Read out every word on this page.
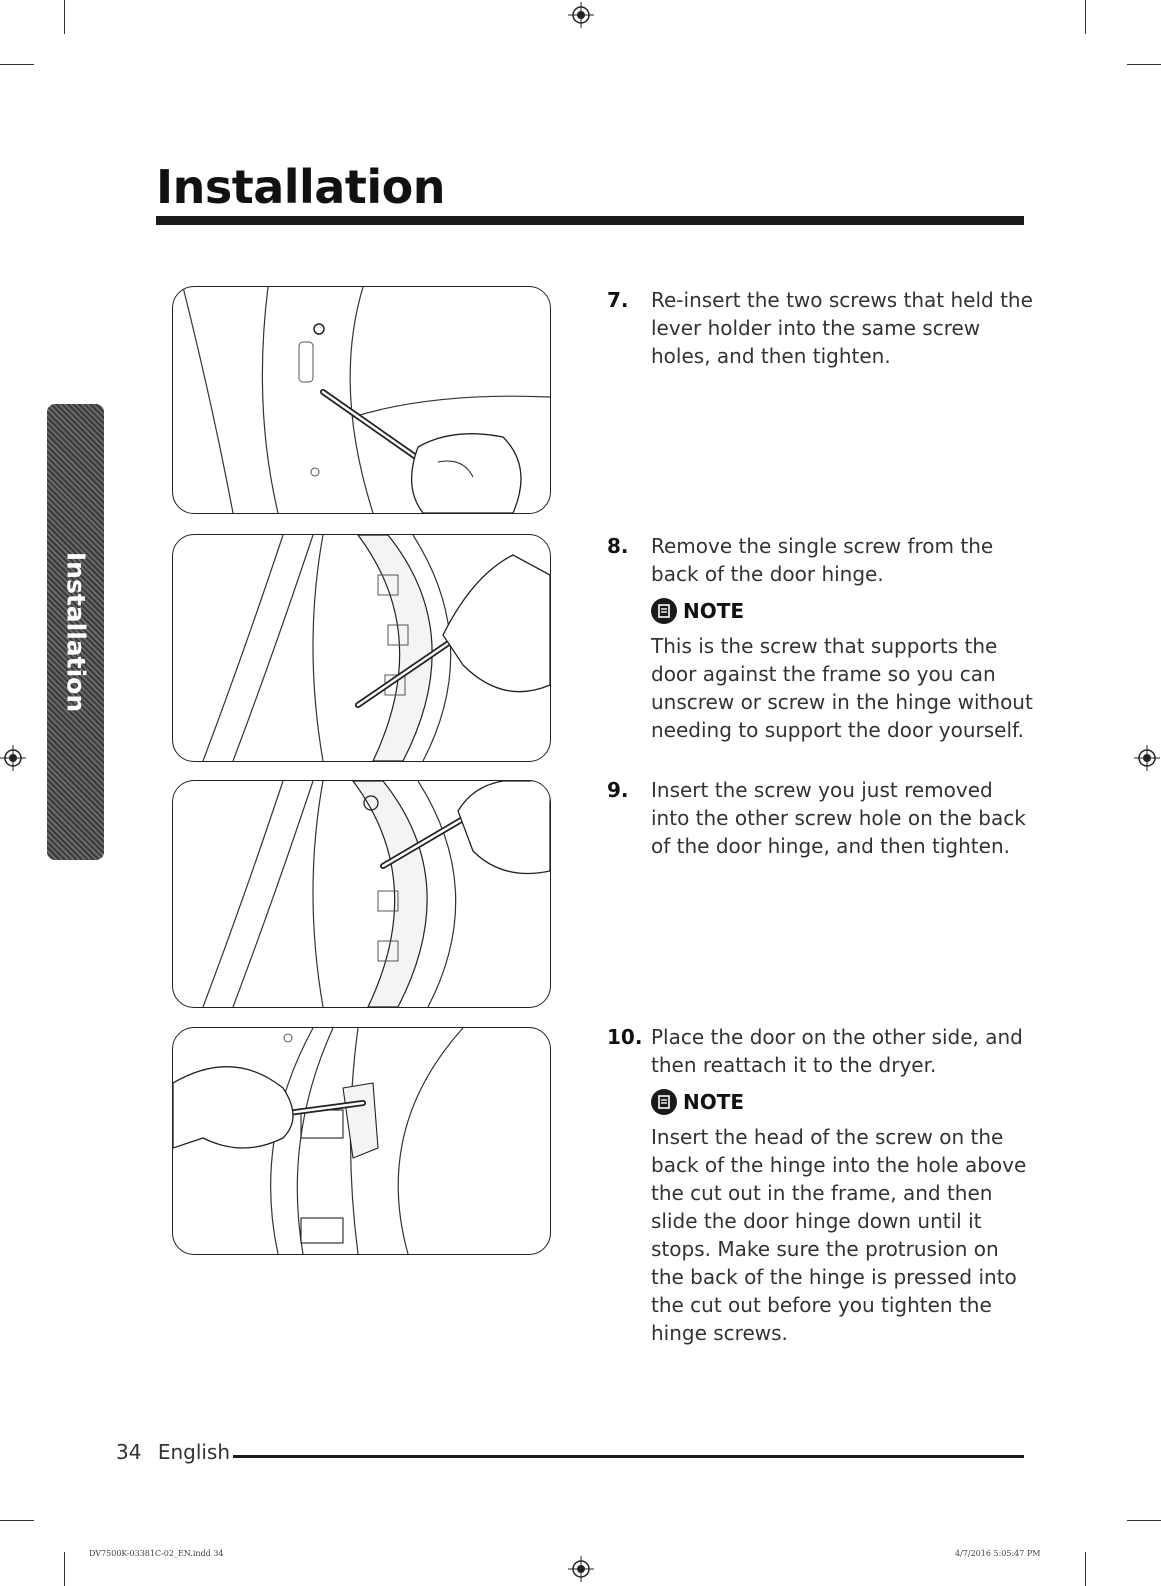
Installation
Installation
7.	Re-insert the two screws that held the lever holder into the same screw holes, and then tighten.
8.	Remove the single screw from the back of the door hinge.
NOTE
This is the screw that supports the door against the frame so you can unscrew or screw in the hinge without needing to support the door yourself.
9.	Insert the screw you just removed into the other screw hole on the back of the door hinge, and then tighten.
10. Place the door on the other side, and then reattach it to the dryer.
NOTE
Insert the head of the screw on the back of the hinge into the hole above the cut out in the frame, and then slide the door hinge down until it stops. Make sure the protrusion on the back of the hinge is pressed into the cut out before you tighten the hinge screws.
34 English
DV7500K-03381C-02_EN.indd 34	4/7/2016 5:05:47 PM
